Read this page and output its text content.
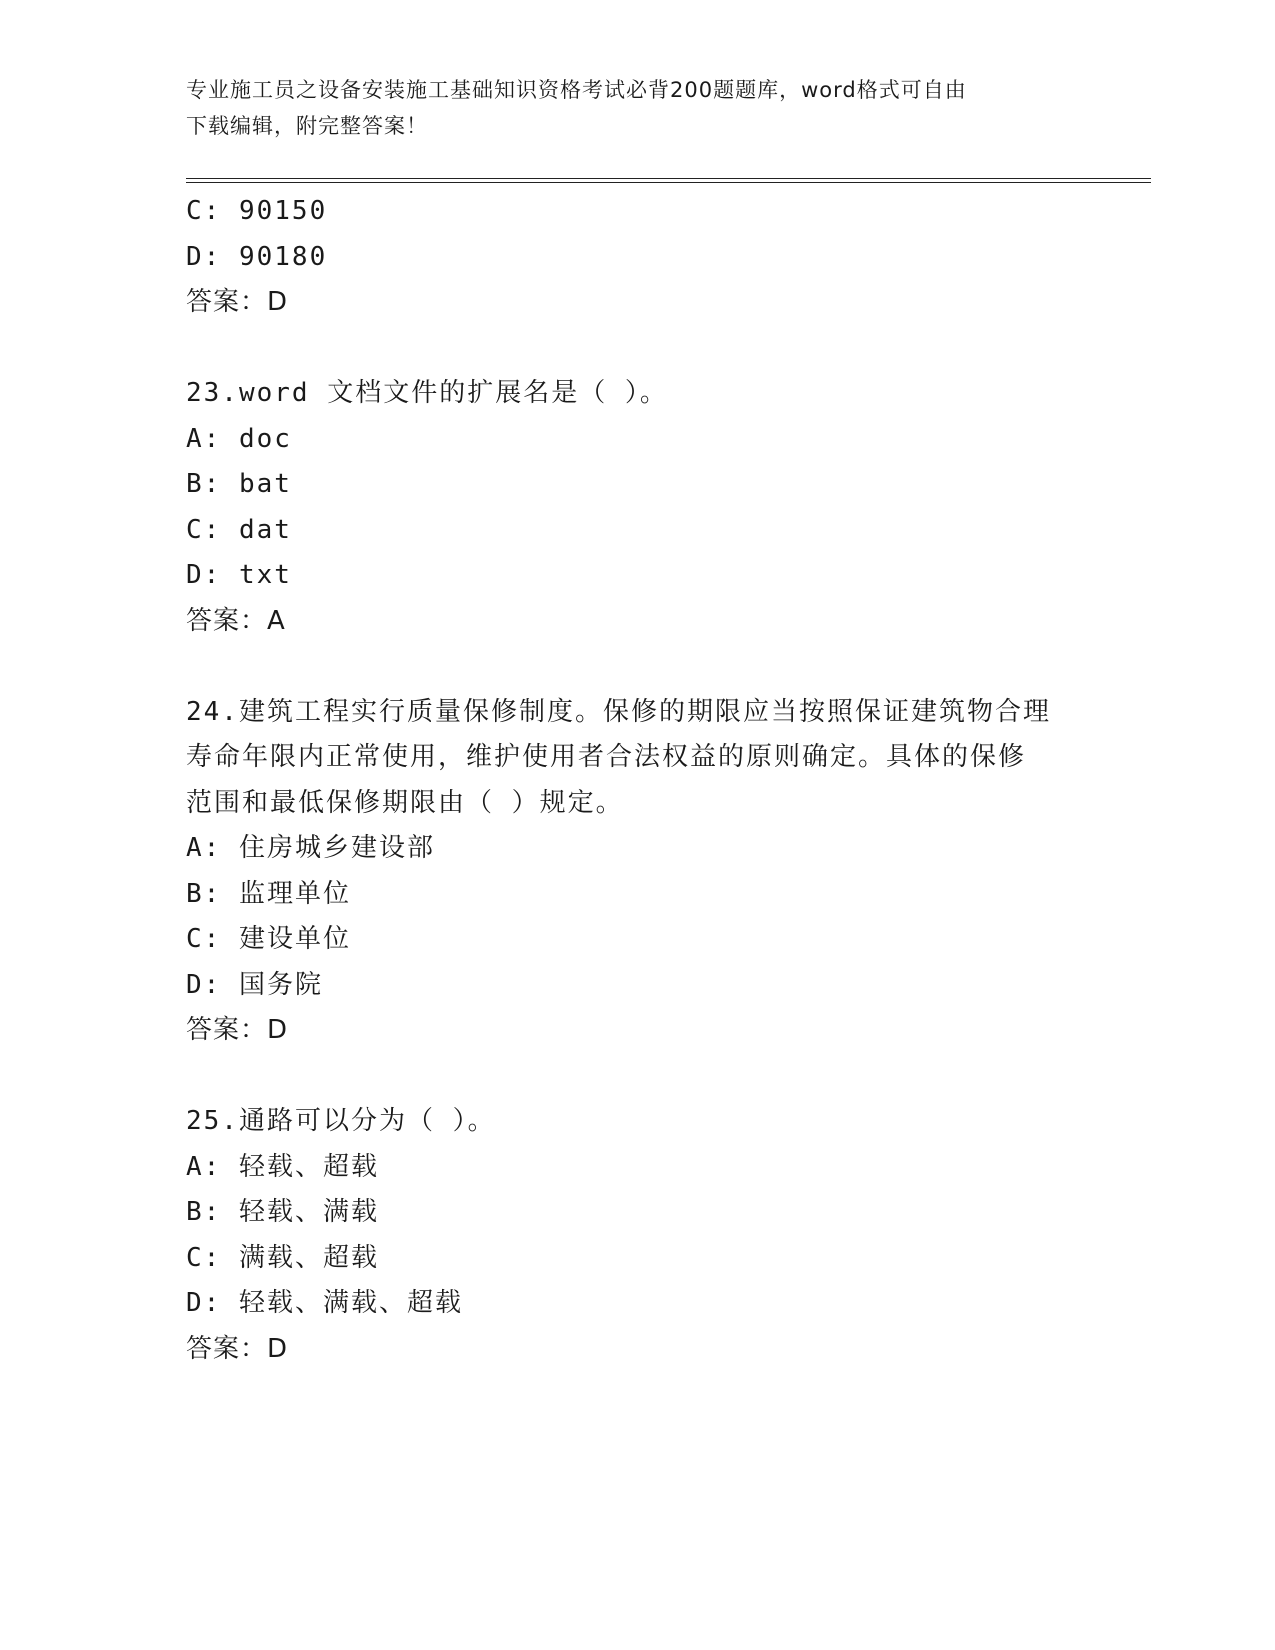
专业施工员之设备安装施工基础知识资格考试必背200题题库，word格式可自由
下载编辑，附完整答案！
C: 90150
D: 90180
答案：D
23.word 文档文件的扩展名是（ ）。
A: doc
B: bat
C: dat
D: txt
答案：A
24.建筑工程实行质量保修制度。保修的期限应当按照保证建筑物合理
寿命年限内正常使用，维护使用者合法权益的原则确定。具体的保修
范围和最低保修期限由（ ）规定。
A: 住房城乡建设部
B: 监理单位
C: 建设单位
D: 国务院
答案：D
25.通路可以分为（ ）。
A: 轻载、超载
B: 轻载、满载
C: 满载、超载
D: 轻载、满载、超载
答案：D
